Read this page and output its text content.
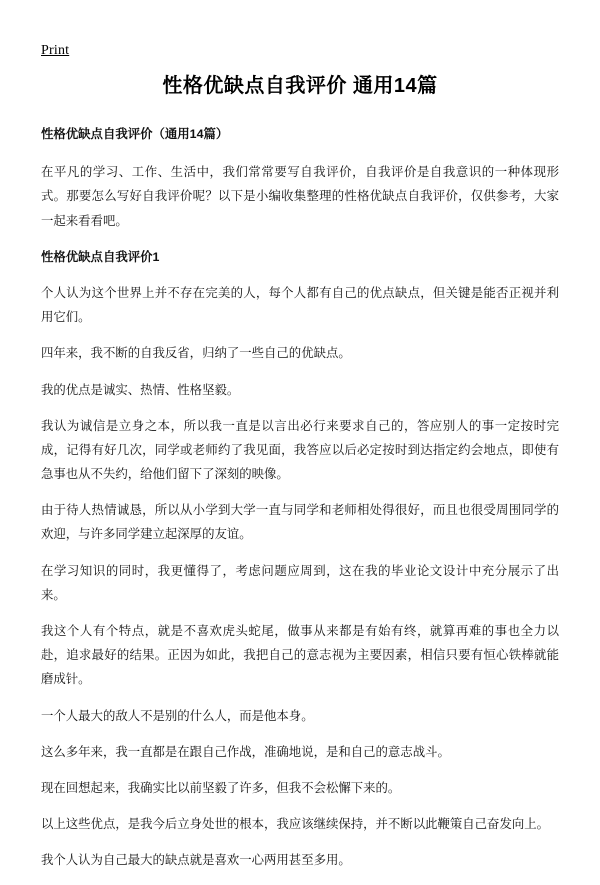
Print
性格优缺点自我评价 通用14篇

性格优缺点自我评价（通用14篇）

在平凡的学习、工作、生活中，我们常常要写自我评价，自我评价是自我意识的一种体现形式。那要怎么写好自我评价呢？以下是小编收集整理的性格优缺点自我评价，仅供参考，大家一起来看看吧。

性格优缺点自我评价1

个人认为这个世界上并不存在完美的人，每个人都有自己的优点缺点，但关键是能否正视并利用它们。

四年来，我不断的自我反省，归纳了一些自己的优缺点。

我的优点是诚实、热情、性格坚毅。

我认为诚信是立身之本，所以我一直是以言出必行来要求自己的，答应别人的事一定按时完成，记得有好几次，同学或老师约了我见面，我答应以后必定按时到达指定约会地点，即使有急事也从不失约，给他们留下了深刻的映像。

由于待人热情诚恳，所以从小学到大学一直与同学和老师相处得很好，而且也很受周围同学的欢迎，与许多同学建立起深厚的友谊。

在学习知识的同时，我更懂得了，考虑问题应周到，这在我的毕业论文设计中充分展示了出来。

我这个人有个特点，就是不喜欢虎头蛇尾，做事从来都是有始有终，就算再难的事也全力以赴，追求最好的结果。正因为如此，我把自己的意志视为主要因素，相信只要有恒心铁棒就能磨成针。

一个人最大的敌人不是别的什么人，而是他本身。

这么多年来，我一直都是在跟自己作战，准确地说，是和自己的意志战斗。

现在回想起来，我确实比以前坚毅了许多，但我不会松懈下来的。

以上这些优点，是我今后立身处世的根本，我应该继续保持，并不断以此鞭策自己奋发向上。

我个人认为自己最大的缺点就是喜欢一心两用甚至多用。
